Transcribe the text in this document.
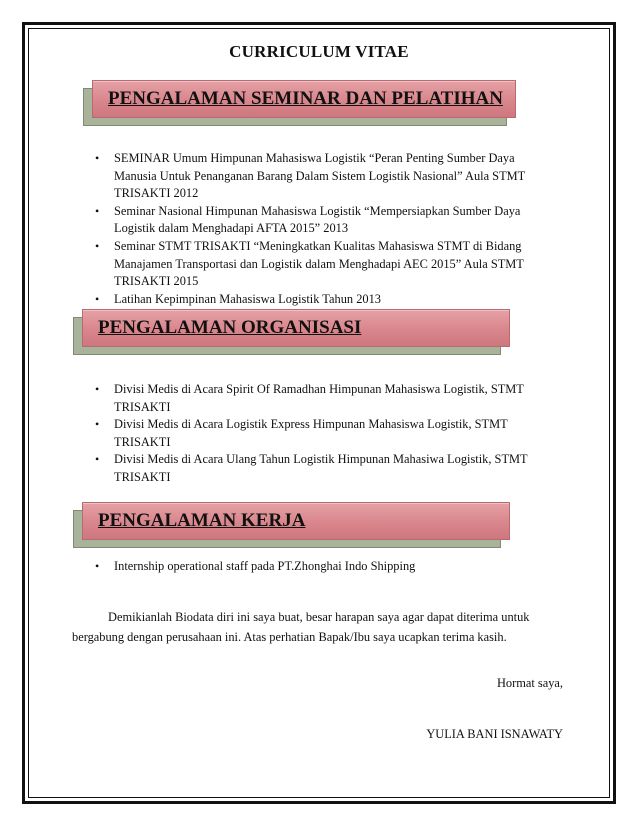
CURRICULUM VITAE
PENGALAMAN SEMINAR DAN PELATIHAN
• SEMINAR Umum Himpunan Mahasiswa Logistik “Peran Penting Sumber Daya Manusia Untuk Penanganan Barang Dalam Sistem Logistik Nasional” Aula STMT TRISAKTI 2012
• Seminar Nasional Himpunan Mahasiswa Logistik “Mempersiapkan Sumber Daya Logistik dalam Menghadapi AFTA 2015” 2013
• Seminar STMT TRISAKTI “Meningkatkan Kualitas Mahasiswa STMT di Bidang Manajamen Transportasi dan Logistik dalam Menghadapi AEC 2015” Aula STMT TRISAKTI 2015
• Latihan Kepimpinan Mahasiswa Logistik Tahun 2013
PENGALAMAN ORGANISASI
• Divisi Medis di Acara Spirit Of Ramadhan Himpunan Mahasiswa Logistik, STMT TRISAKTI
• Divisi Medis di Acara Logistik Express Himpunan Mahasiswa Logistik, STMT TRISAKTI
• Divisi Medis di Acara Ulang Tahun Logistik Himpunan Mahasiwa Logistik, STMT TRISAKTI
PENGALAMAN KERJA
• Internship operational staff pada PT.Zhonghai Indo Shipping
Demikianlah Biodata diri ini saya buat, besar harapan saya agar dapat diterima untuk
bergabung dengan perusahaan ini. Atas perhatian Bapak/Ibu saya ucapkan terima kasih.
Hormat saya,
YULIA BANI ISNAWATY
